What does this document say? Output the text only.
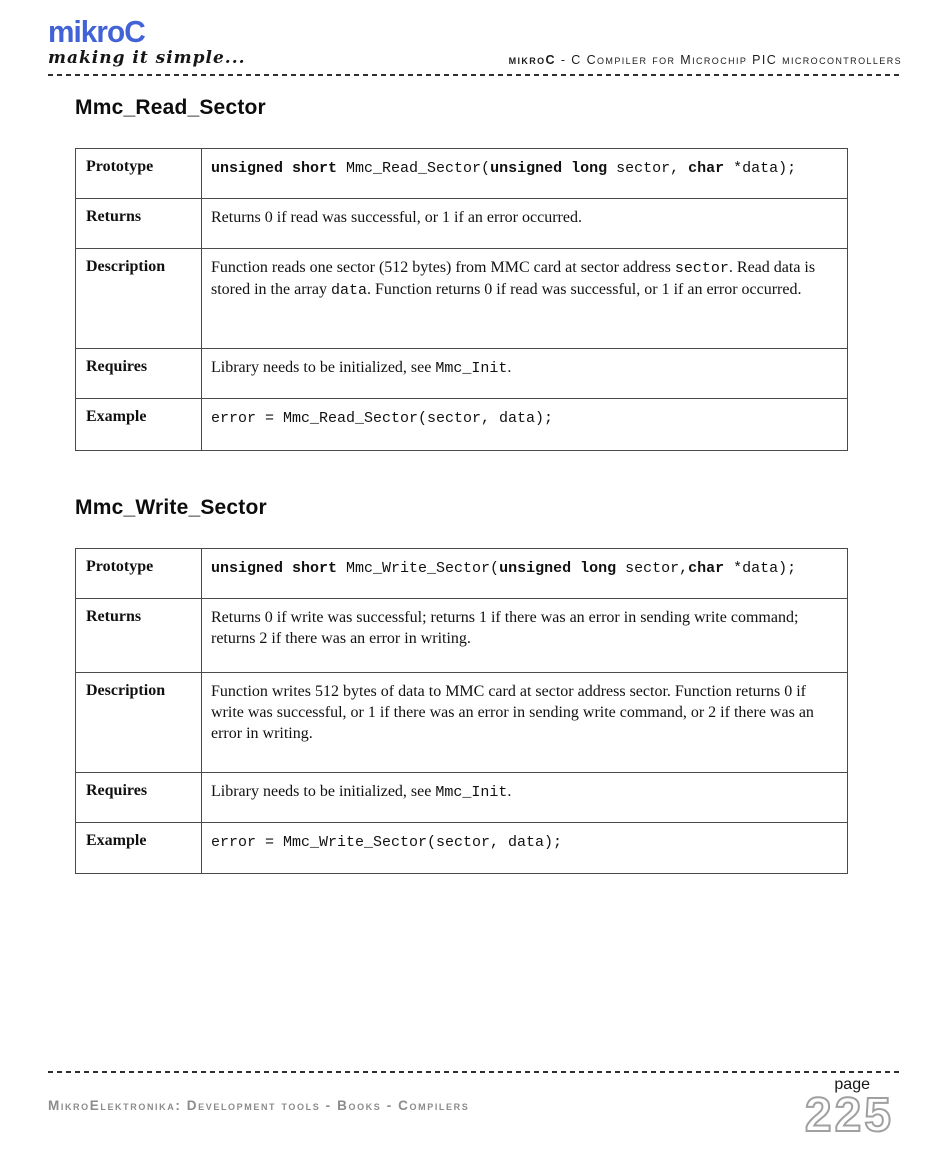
mikroC
making it simple...	mikroC - C Compiler for Microchip PIC microcontrollers
Mmc_Read_Sector
Prototype	unsigned short Mmc_Read_Sector(unsigned long sector, char *data);
Returns	Returns 0 if read was successful, or 1 if an error occurred.
Description	Function reads one sector (512 bytes) from MMC card at sector address sector. Read data is stored in the array data. Function returns 0 if read was successful, or 1 if an error occurred.
Requires	Library needs to be initialized, see Mmc_Init.
Example	error = Mmc_Read_Sector(sector, data);
Mmc_Write_Sector
Prototype	unsigned short Mmc_Write_Sector(unsigned long sector,char *data);
Returns	Returns 0 if write was successful; returns 1 if there was an error in sending write command; returns 2 if there was an error in writing.
Description	Function writes 512 bytes of data to MMC card at sector address sector. Function returns 0 if write was successful, or 1 if there was an error in sending write command, or 2 if there was an error in writing.
Requires	Library needs to be initialized, see Mmc_Init.
Example	error = Mmc_Write_Sector(sector, data);
page
225
MikroElektronika: Development tools - Books - Compilers
